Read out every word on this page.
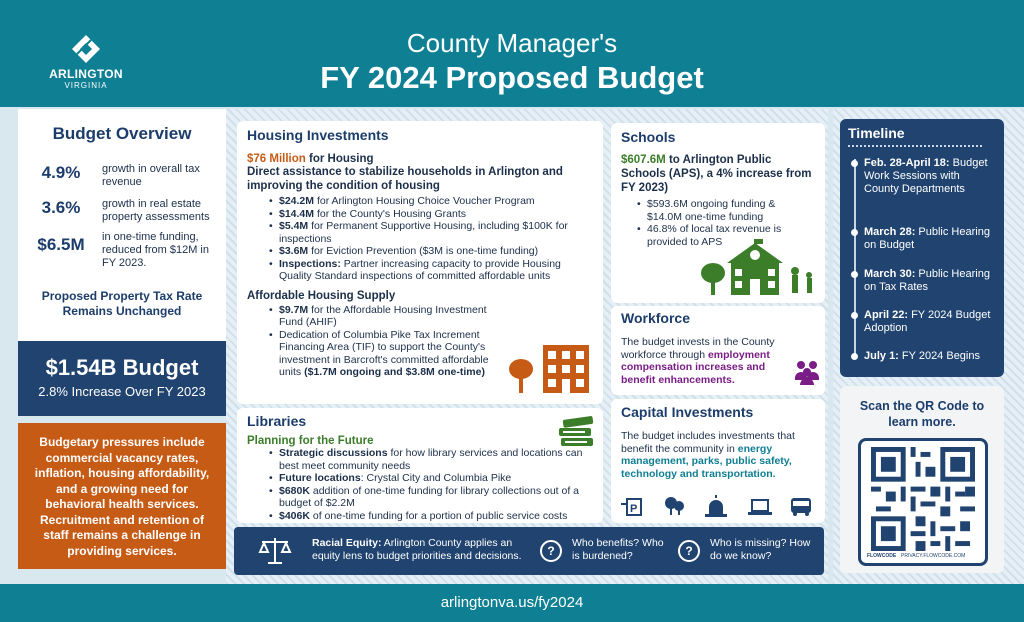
ARLINGTON
VIRGINIA
County Manager's
FY 2024 Proposed Budget
Budget Overview
4.9%	growth in overall tax revenue
3.6%	growth in real estate property assessments
$6.5M	in one-time funding, reduced from $12M in FY 2023.
Proposed Property Tax Rate Remains Unchanged
$1.54B Budget
2.8% Increase Over FY 2023
Budgetary pressures include commercial vacancy rates, inflation, housing affordability, and a growing need for behavioral health services. Recruitment and retention of staff remains a challenge in providing services.
Housing Investments
$76 Million for Housing
Direct assistance to stabilize households in Arlington and improving the condition of housing
• $24.2M for Arlington Housing Choice Voucher Program
• $14.4M for the County's Housing Grants
• $5.4M for Permanent Supportive Housing, including $100K for inspections
• $3.6M for Eviction Prevention ($3M is one-time funding)
• Inspections: Partner increasing capacity to provide Housing Quality Standard inspections of committed affordable units
Affordable Housing Supply
• $9.7M for the Affordable Housing Investment Fund (AHIF)
• Dedication of Columbia Pike Tax Increment Financing Area (TIF) to support the County's investment in Barcroft's committed affordable units ($1.7M ongoing and $3.8M one-time)
Schools
$607.6M to Arlington Public Schools (APS), a 4% increase from FY 2023)
• $593.6M ongoing funding & $14.0M one-time funding
• 46.8% of local tax revenue is provided to APS
Workforce
The budget invests in the County workforce through employment compensation increases and benefit enhancements.
Libraries
Planning for the Future
• Strategic discussions for how library services and locations can best meet community needs
• Future locations: Crystal City and Columbia Pike
• $680K addition of one-time funding for library collections out of a budget of $2.2M
• $406K of one-time funding for a portion of public service costs
Capital Investments
The budget includes investments that benefit the community in energy management, parks, public safety, technology and transportation.
P
Racial Equity: Arlington County applies an equity lens to budget priorities and decisions.	?
Who benefits? Who is burdened?	?
Who is missing? How do we know?
Timeline
Feb. 28-April 18: Budget Work Sessions with County Departments
March 28: Public Hearing on Budget
March 30: Public Hearing on Tax Rates
April 22: FY 2024 Budget Adoption
July 1: FY 2024 Begins
Scan the QR Code to learn more.
FLOWCODE PRIVACY.FLOWCODE.COM
arlingtonva.us/fy2024
